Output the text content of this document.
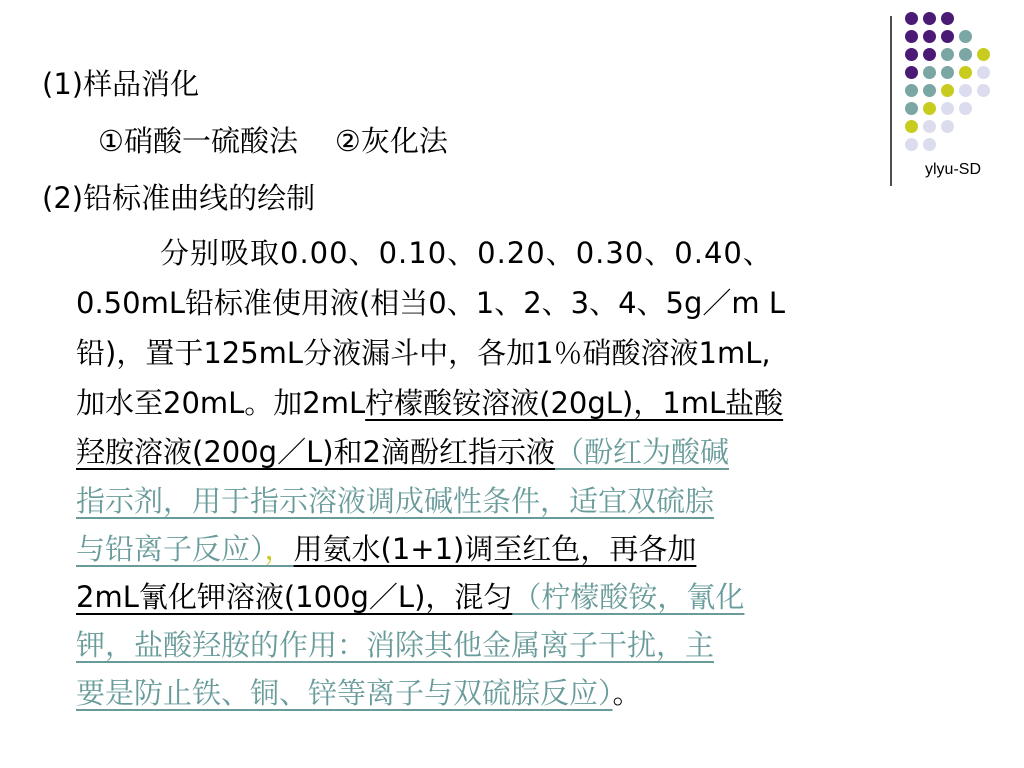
ylyu-SD
(1)样品消化
①硝酸一硫酸法    ②灰化法
(2)铅标准曲线的绘制
分别吸取0.00、0.10、0.20、0.30、0.40、
0.50mL铅标准使用液(相当0、1、2、3、4、5g／m L
铅)，置于125mL分液漏斗中，各加1％硝酸溶液1mL,
加水至20mL。加2mL柠檬酸铵溶液(20gL)，1mL盐酸
羟胺溶液(200g／L)和2滴酚红指示液（酚红为酸碱
指示剂，用于指示溶液调成碱性条件，适宜双硫腙
与铅离子反应），用氨水(1+1)调至红色，再各加
2mL氰化钾溶液(100g／L)，混匀（柠檬酸铵，氰化
钾，盐酸羟胺的作用：消除其他金属离子干扰，主
要是防止铁、铜、锌等离子与双硫腙反应）。
